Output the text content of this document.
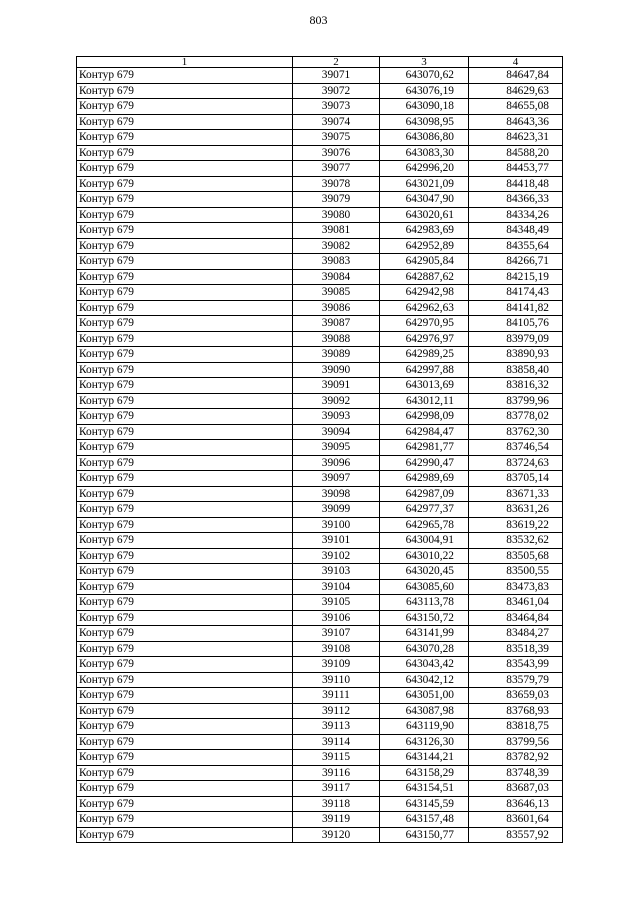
803
1	2	3	4
Контур 679	39071	643070,62	84647,84
Контур 679	39072	643076,19	84629,63
Контур 679	39073	643090,18	84655,08
Контур 679	39074	643098,95	84643,36
Контур 679	39075	643086,80	84623,31
Контур 679	39076	643083,30	84588,20
Контур 679	39077	642996,20	84453,77
Контур 679	39078	643021,09	84418,48
Контур 679	39079	643047,90	84366,33
Контур 679	39080	643020,61	84334,26
Контур 679	39081	642983,69	84348,49
Контур 679	39082	642952,89	84355,64
Контур 679	39083	642905,84	84266,71
Контур 679	39084	642887,62	84215,19
Контур 679	39085	642942,98	84174,43
Контур 679	39086	642962,63	84141,82
Контур 679	39087	642970,95	84105,76
Контур 679	39088	642976,97	83979,09
Контур 679	39089	642989,25	83890,93
Контур 679	39090	642997,88	83858,40
Контур 679	39091	643013,69	83816,32
Контур 679	39092	643012,11	83799,96
Контур 679	39093	642998,09	83778,02
Контур 679	39094	642984,47	83762,30
Контур 679	39095	642981,77	83746,54
Контур 679	39096	642990,47	83724,63
Контур 679	39097	642989,69	83705,14
Контур 679	39098	642987,09	83671,33
Контур 679	39099	642977,37	83631,26
Контур 679	39100	642965,78	83619,22
Контур 679	39101	643004,91	83532,62
Контур 679	39102	643010,22	83505,68
Контур 679	39103	643020,45	83500,55
Контур 679	39104	643085,60	83473,83
Контур 679	39105	643113,78	83461,04
Контур 679	39106	643150,72	83464,84
Контур 679	39107	643141,99	83484,27
Контур 679	39108	643070,28	83518,39
Контур 679	39109	643043,42	83543,99
Контур 679	39110	643042,12	83579,79
Контур 679	39111	643051,00	83659,03
Контур 679	39112	643087,98	83768,93
Контур 679	39113	643119,90	83818,75
Контур 679	39114	643126,30	83799,56
Контур 679	39115	643144,21	83782,92
Контур 679	39116	643158,29	83748,39
Контур 679	39117	643154,51	83687,03
Контур 679	39118	643145,59	83646,13
Контур 679	39119	643157,48	83601,64
Контур 679	39120	643150,77	83557,92
